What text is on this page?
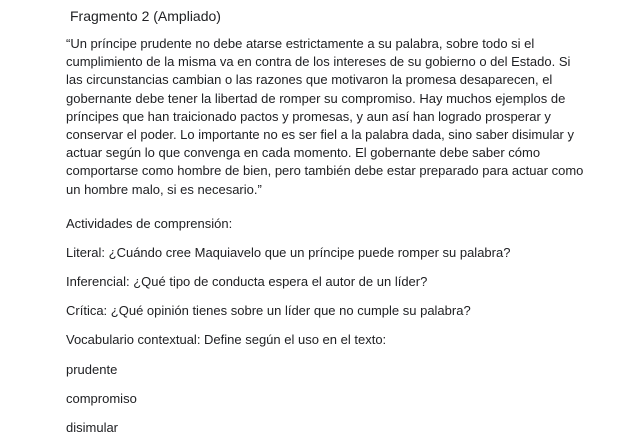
Fragmento 2 (Ampliado)
“Un príncipe prudente no debe atarse estrictamente a su palabra, sobre todo si el
cumplimiento de la misma va en contra de los intereses de su gobierno o del Estado. Si
las circunstancias cambian o las razones que motivaron la promesa desaparecen, el
gobernante debe tener la libertad de romper su compromiso. Hay muchos ejemplos de
príncipes que han traicionado pactos y promesas, y aun así han logrado prosperar y
conservar el poder. Lo importante no es ser fiel a la palabra dada, sino saber disimular y
actuar según lo que convenga en cada momento. El gobernante debe saber cómo
comportarse como hombre de bien, pero también debe estar preparado para actuar como
un hombre malo, si es necesario.”
Actividades de comprensión:
Literal: ¿Cuándo cree Maquiavelo que un príncipe puede romper su palabra?
Inferencial: ¿Qué tipo de conducta espera el autor de un líder?
Crítica: ¿Qué opinión tienes sobre un líder que no cumple su palabra?
Vocabulario contextual: Define según el uso en el texto:
prudente
compromiso
disimular
